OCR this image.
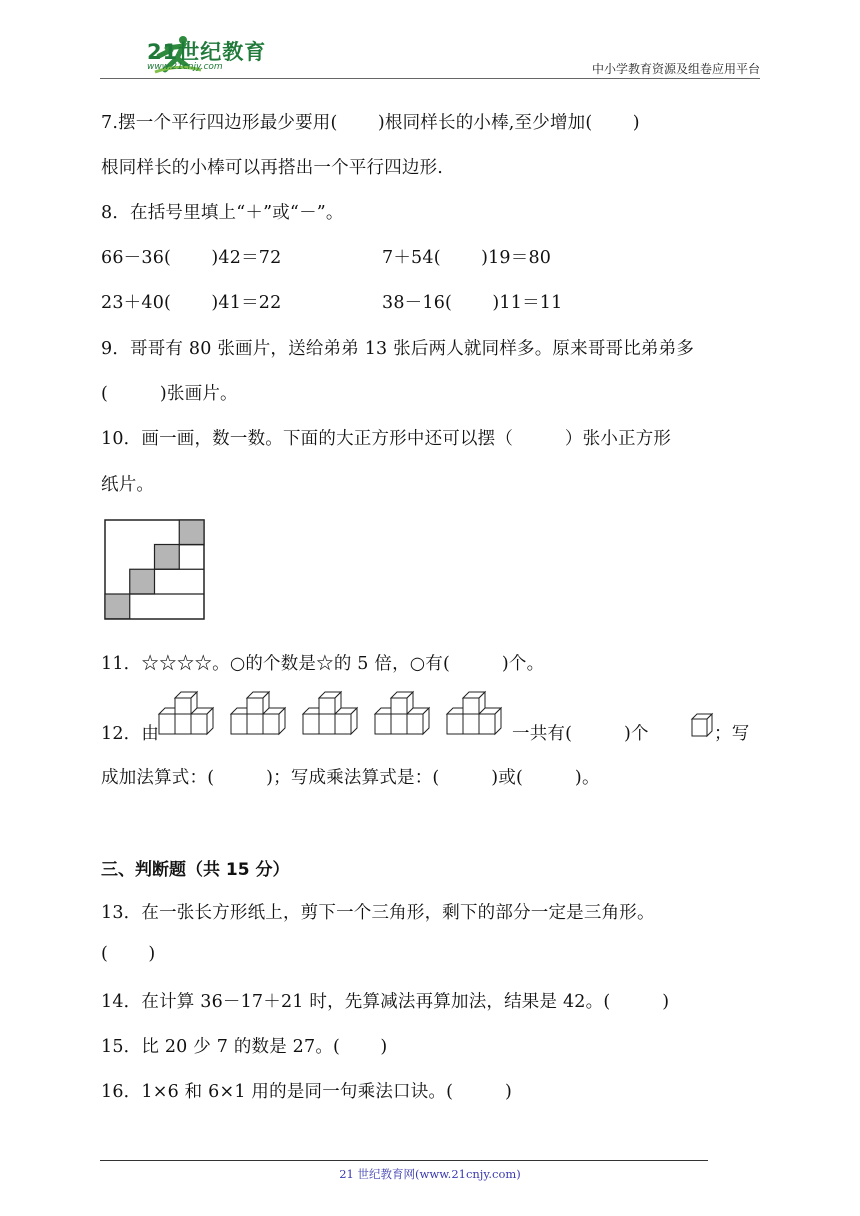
21世纪教育
www.21cnjy.com	中小学教育资源及组卷应用平台
7.摆一个平行四边形最少要用(       )根同样长的小棒,至少增加(       )
根同样长的小棒可以再搭出一个平行四边形.
8．在括号里填上“＋”或“－”。
66－36(       )42＝72	7＋54(       )19＝80
23＋40(       )41＝22	38－16(       )11＝11
9．哥哥有 80 张画片，送给弟弟 13 张后两人就同样多。原来哥哥比弟弟多
(         )张画片。
10．画一画，数一数。下面的大正方形中还可以摆（         ）张小正方形
纸片。
11．☆☆☆☆。○的个数是☆的 5 倍，○有(         )个。
12．由	一共有(         )个	；写
成加法算式：(         )；写成乘法算式是：(         )或(         )。
三、判断题（共 15 分）
13．在一张长方形纸上，剪下一个三角形，剩下的部分一定是三角形。
(       )
14．在计算 36－17＋21 时，先算减法再算加法，结果是 42。(         )
15．比 20 少 7 的数是 27。(       )
16．1×6 和 6×1 用的是同一句乘法口诀。(         )
21 世纪教育网(www.21cnjy.com)
